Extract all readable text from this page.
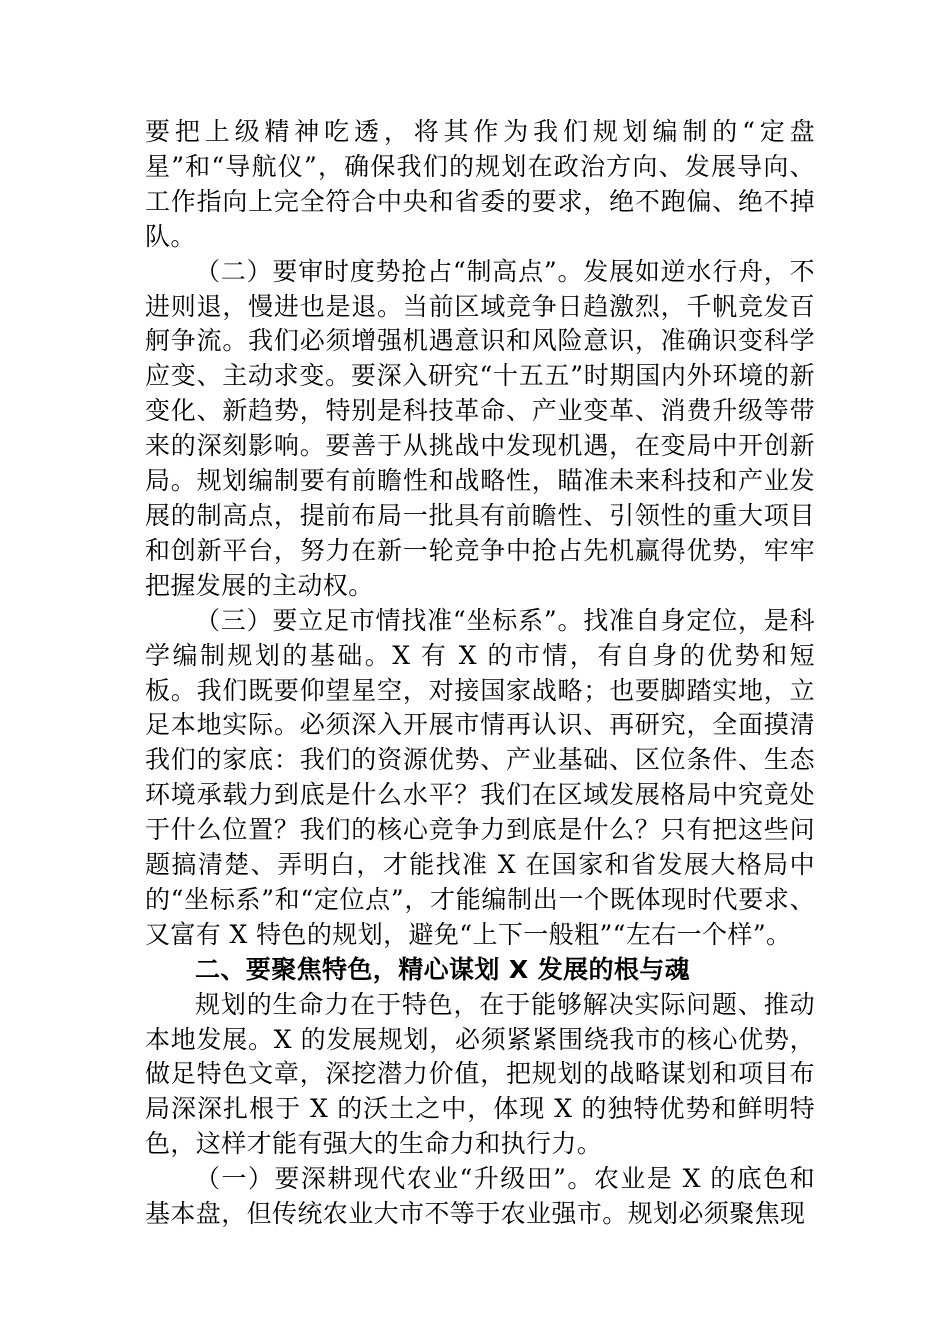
要把上级精神吃透，将其作为我们规划编制的“定盘星”和“导航仪”，确保我们的规划在政治方向、发展导向、工作指向上完全符合中央和省委的要求，绝不跑偏、绝不掉队。

（二）要审时度势抢占“制高点”。发展如逆水行舟，不进则退，慢进也是退。当前区域竞争日趋激烈，千帆竞发百舸争流。我们必须增强机遇意识和风险意识，准确识变科学应变、主动求变。要深入研究“十五五”时期国内外环境的新变化、新趋势，特别是科技革命、产业变革、消费升级等带来的深刻影响。要善于从挑战中发现机遇，在变局中开创新局。规划编制要有前瞻性和战略性，瞄准未来科技和产业发展的制高点，提前布局一批具有前瞻性、引领性的重大项目和创新平台，努力在新一轮竞争中抢占先机赢得优势，牢牢把握发展的主动权。

（三）要立足市情找准“坐标系”。找准自身定位，是科学编制规划的基础。X 有 X 的市情，有自身的优势和短板。我们既要仰望星空，对接国家战略；也要脚踏实地，立足本地实际。必须深入开展市情再认识、再研究，全面摸清我们的家底：我们的资源优势、产业基础、区位条件、生态环境承载力到底是什么水平？我们在区域发展格局中究竟处于什么位置？我们的核心竞争力到底是什么？只有把这些问题搞清楚、弄明白，才能找准 X 在国家和省发展大格局中的“坐标系”和“定位点”，才能编制出一个既体现时代要求、又富有 X 特色的规划，避免“上下一般粗”“左右一个样”。

二、要聚焦特色，精心谋划 X 发展的根与魂

规划的生命力在于特色，在于能够解决实际问题、推动本地发展。X 的发展规划，必须紧紧围绕我市的核心优势，做足特色文章，深挖潜力价值，把规划的战略谋划和项目布局深深扎根于 X 的沃土之中，体现 X 的独特优势和鲜明特色，这样才能有强大的生命力和执行力。

（一）要深耕现代农业“升级田”。农业是 X 的底色和基本盘，但传统农业大市不等于农业强市。规划必须聚焦现
